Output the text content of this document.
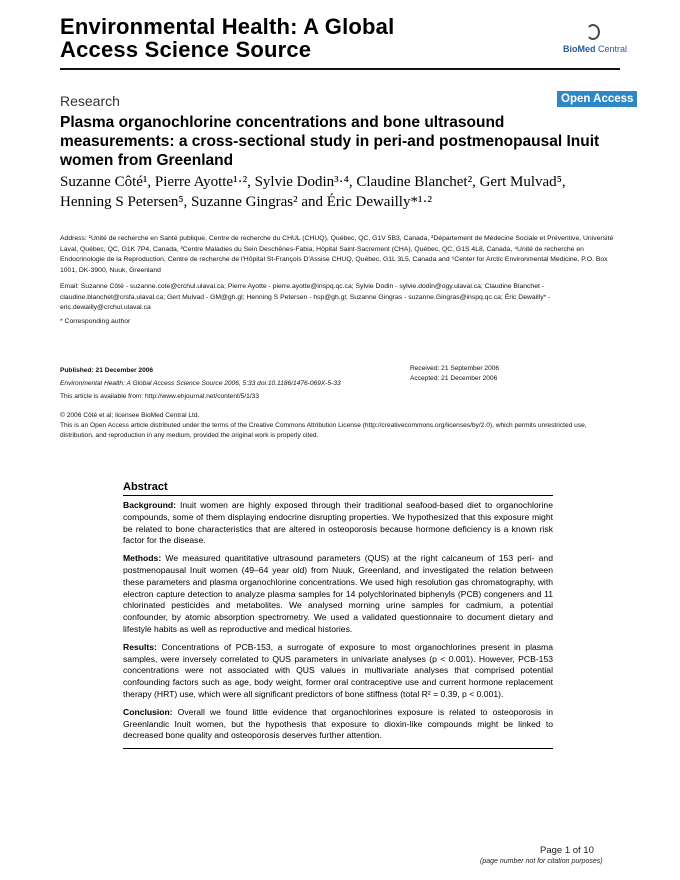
Environmental Health: A Global
Access Science Source	BioMed Central
Research	Open Access
Plasma organochlorine concentrations and bone ultrasound measurements: a cross-sectional study in peri-and postmenopausal Inuit women from Greenland
Suzanne Côté¹, Pierre Ayotte¹·², Sylvie Dodin³·⁴, Claudine Blanchet², Gert Mulvad⁵, Henning S Petersen⁵, Suzanne Gingras² and Éric Dewailly*¹·²
Address: ¹Unité de recherche en Santé publique, Centre de recherche du CHUL (CHUQ), Québec, QC, G1V 5B3, Canada, ²Département de Médecine Sociale et Préventive, Université Laval, Québec, QC, G1K 7P4, Canada, ³Centre Maladies du Sein Deschênes-Fabia, Hôpital Saint-Sacrement (CHA), Québec, QC, G1S 4L8, Canada, ⁴Unité de recherche en Endocrinologie de la Reproduction, Centre de recherche de l'Hôpital St-François D'Assise CHUQ, Québec, G1L 3L5, Canada and ⁵Center for Arctic Environmental Medicine, P.O. Box 1001, DK-3900, Nuuk, Greenland
Email: Suzanne Côté - suzanne.cote@crchul.ulaval.ca; Pierre Ayotte - pierre.ayotte@inspq.qc.ca; Sylvie Dodin - sylvie.dodin@ogy.ulaval.ca; Claudine Blanchet - claudine.blanchet@crsfa.ulaval.ca; Gert Mulvad - GM@gh.gl; Henning S Petersen - hsp@gh.gl; Suzanne Gingras - suzanne.Gingras@inspq.qc.ca; Éric Dewailly* - eric.dewailly@crchul.ulaval.ca
* Corresponding author
Published: 21 December 2006
Environmental Health: A Global Access Science Source 2006, 5:33 doi:10.1186/1476-069X-5-33
This article is available from: http://www.ehjournal.net/content/5/1/33
Received: 21 September 2006
Accepted: 21 December 2006
© 2006 Côté et al; licensee BioMed Central Ltd.
This is an Open Access article distributed under the terms of the Creative Commons Attribution License (http://creativecommons.org/licenses/by/2.0), which permits unrestricted use, distribution, and reproduction in any medium, provided the original work is properly cited.
Abstract
Background: Inuit women are highly exposed through their traditional seafood-based diet to organochlorine compounds, some of them displaying endocrine disrupting properties. We hypothesized that this exposure might be related to bone characteristics that are altered in osteoporosis because hormone deficiency is a known risk factor for the disease.
Methods: We measured quantitative ultrasound parameters (QUS) at the right calcaneum of 153 peri- and postmenopausal Inuit women (49–64 year old) from Nuuk, Greenland, and investigated the relation between these parameters and plasma organochlorine concentrations. We used high resolution gas chromatography, with electron capture detection to analyze plasma samples for 14 polychlorinated biphenyls (PCB) congeners and 11 chlorinated pesticides and metabolites. We analysed morning urine samples for cadmium, a potential confounder, by atomic absorption spectrometry. We used a validated questionnaire to document dietary and lifestyle habits as well as reproductive and medical histories.
Results: Concentrations of PCB-153, a surrogate of exposure to most organochlorines present in plasma samples, were inversely correlated to QUS parameters in univariate analyses (p < 0.001). However, PCB-153 concentrations were not associated with QUS values in multivariate analyses that comprised potential confounding factors such as age, body weight, former oral contraceptive use and current hormone replacement therapy (HRT) use, which were all significant predictors of bone stiffness (total R² = 0.39, p < 0.001).
Conclusion: Overall we found little evidence that organochlorines exposure is related to osteoporosis in Greenlandic Inuit women, but the hypothesis that exposure to dioxin-like compounds might be linked to decreased bone quality and osteoporosis deserves further attention.
Page 1 of 10
(page number not for citation purposes)
